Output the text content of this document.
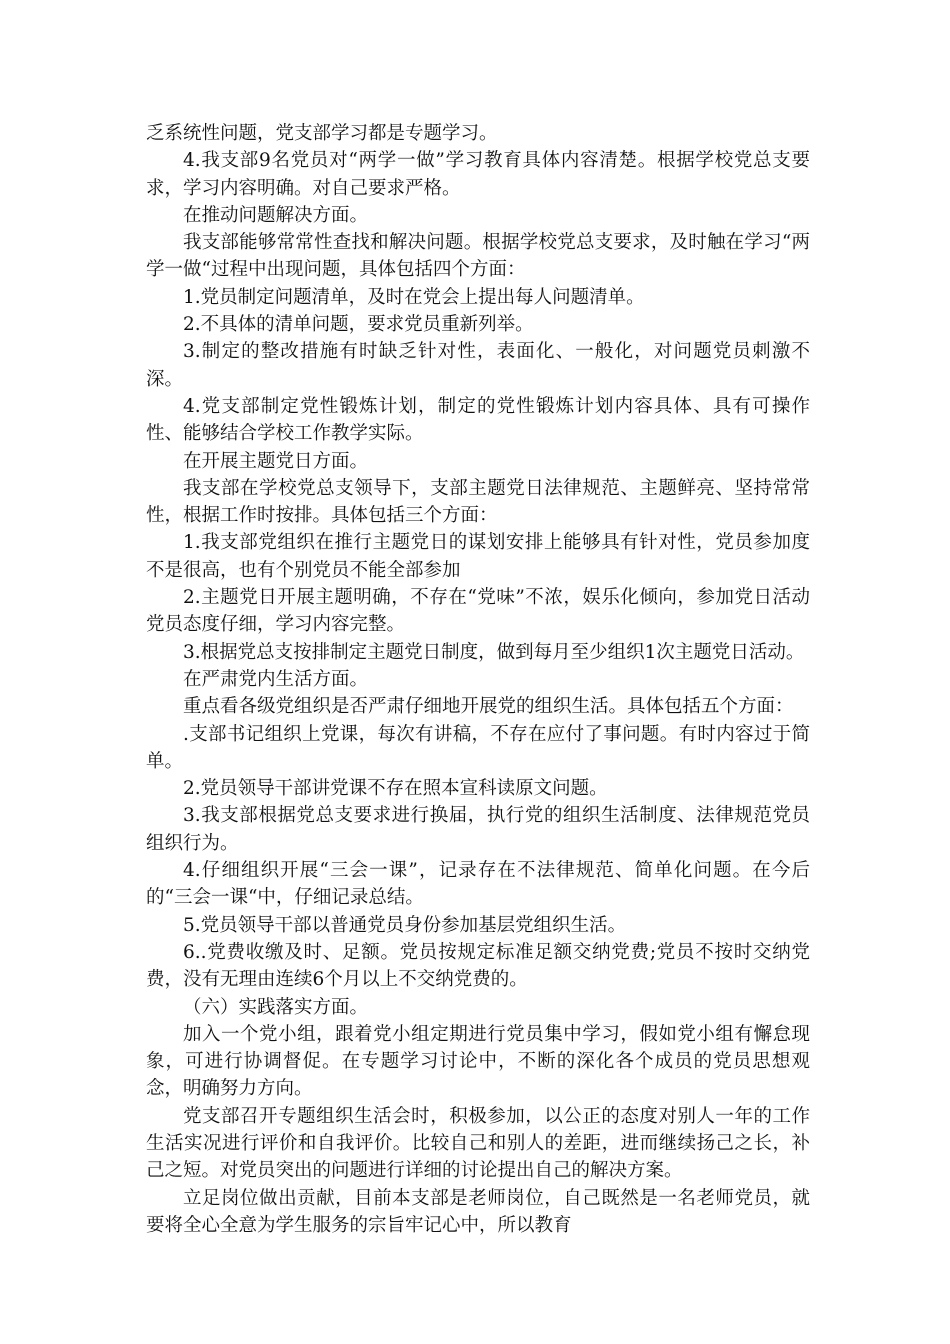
乏系统性问题，党支部学习都是专题学习。

4.我支部9名党员对“两学一做”学习教育具体内容清楚。根据学校党总支要求，学习内容明确。对自己要求严格。

在推动问题解决方面。

我支部能够常常性查找和解决问题。根据学校党总支要求，及时触在学习“两学一做“过程中出现问题，具体包括四个方面：

1.党员制定问题清单，及时在党会上提出每人问题清单。

2.不具体的清单问题，要求党员重新列举。

3.制定的整改措施有时缺乏针对性，表面化、一般化，对问题党员刺激不深。

4.党支部制定党性锻炼计划，制定的党性锻炼计划内容具体、具有可操作性、能够结合学校工作教学实际。

在开展主题党日方面。

我支部在学校党总支领导下，支部主题党日法律规范、主题鲜亮、坚持常常性，根据工作时按排。具体包括三个方面：

1.我支部党组织在推行主题党日的谋划安排上能够具有针对性，党员参加度不是很高，也有个别党员不能全部参加

2.主题党日开展主题明确，不存在“党味”不浓，娱乐化倾向，参加党日活动党员态度仔细，学习内容完整。

3.根据党总支按排制定主题党日制度，做到每月至少组织1次主题党日活动。

在严肃党内生活方面。

重点看各级党组织是否严肃仔细地开展党的组织生活。具体包括五个方面：

.支部书记组织上党课，每次有讲稿，不存在应付了事问题。有时内容过于简单。

2.党员领导干部讲党课不存在照本宣科读原文问题。

3.我支部根据党总支要求进行换届，执行党的组织生活制度、法律规范党员组织行为。

4.仔细组织开展“三会一课”，记录存在不法律规范、简单化问题。在今后的“三会一课“中，仔细记录总结。

5.党员领导干部以普通党员身份参加基层党组织生活。

6..党费收缴及时、足额。党员按规定标准足额交纳党费;党员不按时交纳党费，没有无理由连续6个月以上不交纳党费的。

（六）实践落实方面。

加入一个党小组，跟着党小组定期进行党员集中学习，假如党小组有懈怠现象，可进行协调督促。在专题学习讨论中，不断的深化各个成员的党员思想观念，明确努力方向。

党支部召开专题组织生活会时，积极参加，以公正的态度对别人一年的工作生活实况进行评价和自我评价。比较自己和别人的差距，进而继续扬己之长，补己之短。对党员突出的问题进行详细的讨论提出自己的解决方案。

立足岗位做出贡献，目前本支部是老师岗位，自己既然是一名老师党员，就要将全心全意为学生服务的宗旨牢记心中，所以教育
